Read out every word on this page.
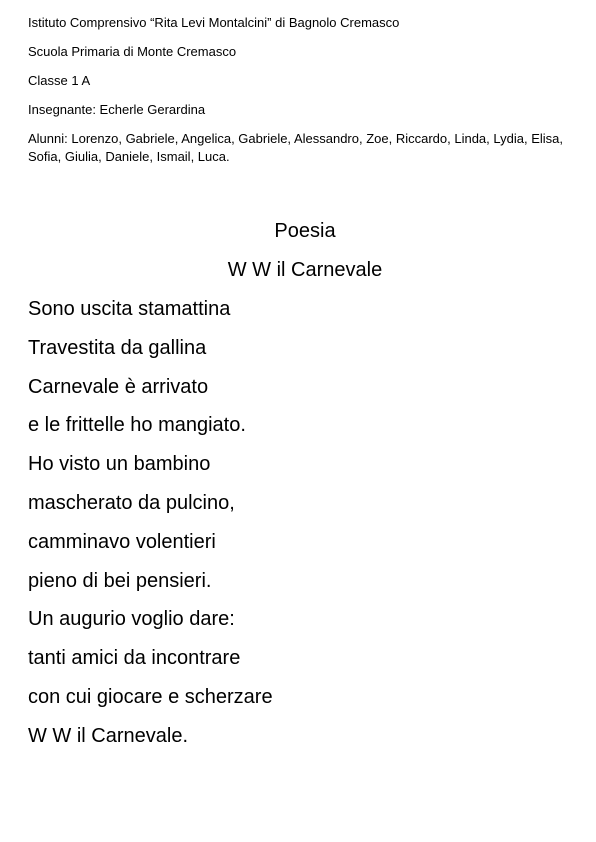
Istituto Comprensivo “Rita Levi Montalcini” di Bagnolo Cremasco

Scuola Primaria di Monte Cremasco

Classe 1 A

Insegnante: Echerle Gerardina

Alunni: Lorenzo, Gabriele, Angelica, Gabriele, Alessandro, Zoe, Riccardo, Linda, Lydia, Elisa, Sofia, Giulia, Daniele, Ismail, Luca.

Poesia
W W il Carnevale
Sono uscita stamattina
Travestita da gallina
Carnevale è arrivato
e le frittelle ho mangiato.
Ho visto un bambino
mascherato da pulcino,
camminavo volentieri
pieno di bei pensieri.
Un augurio voglio dare:
tanti amici da incontrare
con cui giocare e scherzare
W W il Carnevale.
